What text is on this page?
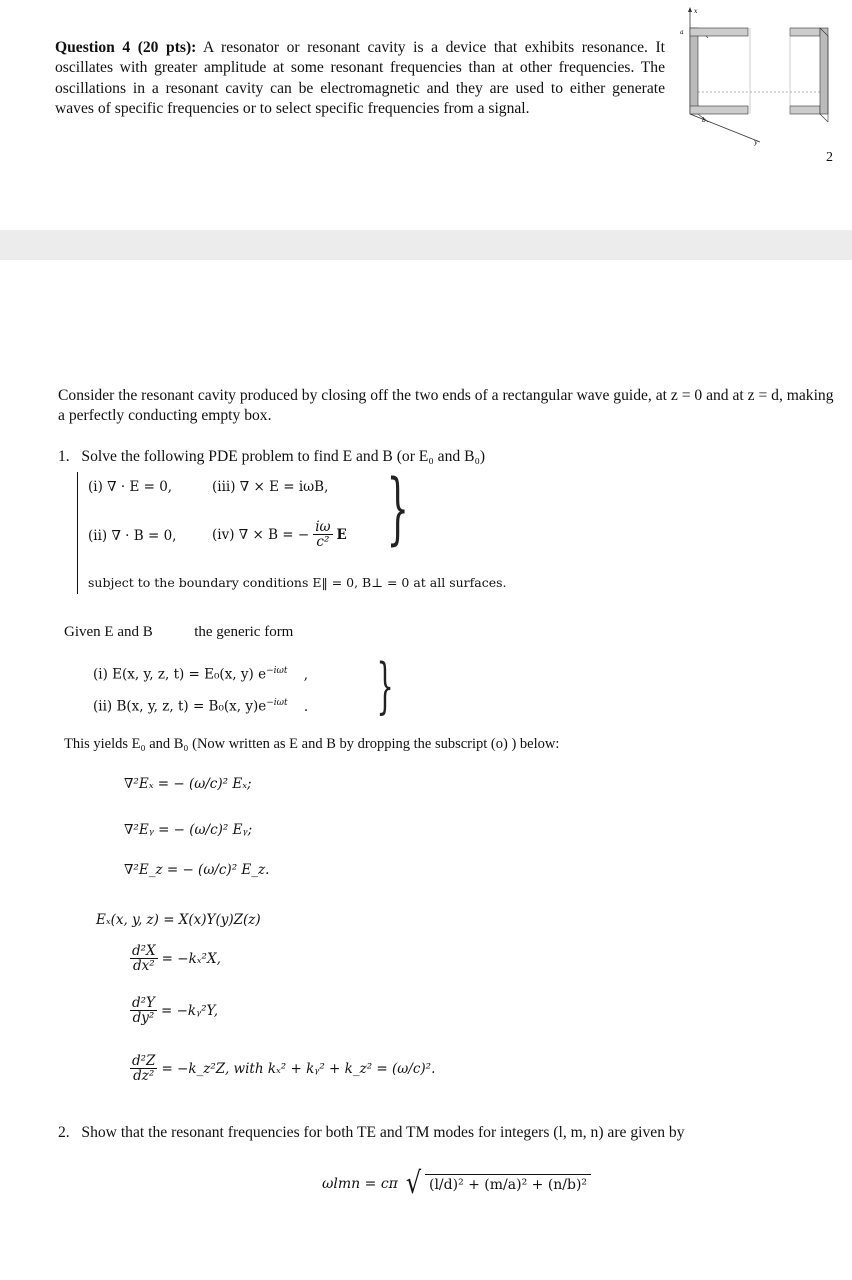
Question 4 (20 pts): A resonator or resonant cavity is a device that exhibits resonance. It oscillates with greater amplitude at some resonant frequencies than at other frequencies. The oscillations in a resonant cavity can be electromagnetic and they are used to either generate waves of specific frequencies or to select specific frequencies from a signal.
x
a
b
y
2
Consider the resonant cavity produced by closing off the two ends of a rectangular wave guide, at z = 0 and at z = d, making a perfectly conducting empty box.
1. Solve the following PDE problem to find E and B (or E₀ and B₀)
(i) ∇ · E = 0,	(iii) ∇ × E = iωB,
(ii) ∇ · B = 0,	(iv) ∇ × B = − $\frac{i\omega}{\text{c²}}$ E }
subject to the boundary conditions E‖ = 0, B⊥ = 0 at all surfaces.
Given E and B	the generic form
(i) E(x, y, z, t) = E₀(x, y) $e^{-i\omega t}$ ,
(ii) B(x, y, z, t) = B₀(x, $y)e^{-i\omega t}$ . }
This yields E₀ and B₀ (Now written as E and B by dropping the subscript (o) ) below:
∇²Eₓ = − (ω/c)² Eₓ;
∇²Eᵧ = − (ω/c)² Eᵧ;
∇²E_z = − (ω/c)² E_z.
Eₓ(x, y, z) = X(x)Y(y)Z(z)
$\frac{\text{d²X}}{\text{dx²}} = -k_x^2X$,
$\frac{\text{d²Y}}{\text{dy²}}$ = −kᵧ²Y,
$\frac{\text{d²Z}}{\text{dz²}}$ = −k_z²Z, with kₓ² + kᵧ² + k_z² = (ω/c)².
2. Show that the resonant frequencies for both TE and TM modes for integers (l, m, n) are given by
ωlmn = cπ √ (l/d)² + (m/a)² + (n/b)²
